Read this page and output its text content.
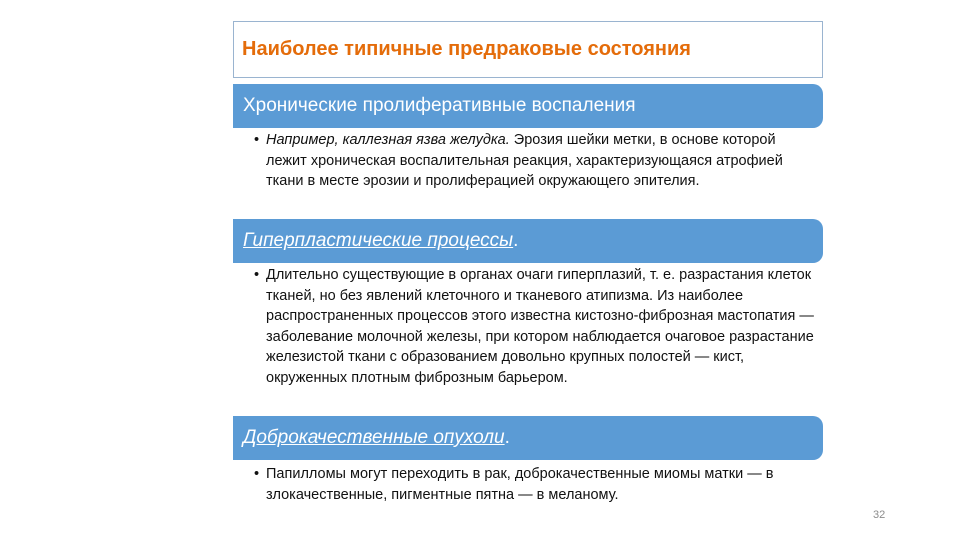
Наиболее типичные предраковые состояния
Хронические пролиферативные воспаления
• Например, каллезная язва желудка. Эрозия шейки метки, в основе которой лежит хроническая воспалительная реакция, характеризующаяся атрофией ткани в месте эрозии и пролиферацией окружающего эпителия.
Гиперпластические процессы .
• Длительно существующие в органах очаги гиперплазий, т. е. разрастания клеток тканей, но без явлений клеточного и тканевого атипизма. Из наиболее распространенных процессов этого известна кистозно-фиброзная мастопатия — заболевание молочной железы, при котором наблюдается очаговое разрастание железистой ткани с образованием довольно крупных полостей — кист, окруженных плотным фиброзным барьером.
Доброкачественные опухоли .
• Папилломы могут переходить в рак, доброкачественные миомы матки — в злокачественные, пигментные пятна — в меланому.
32
